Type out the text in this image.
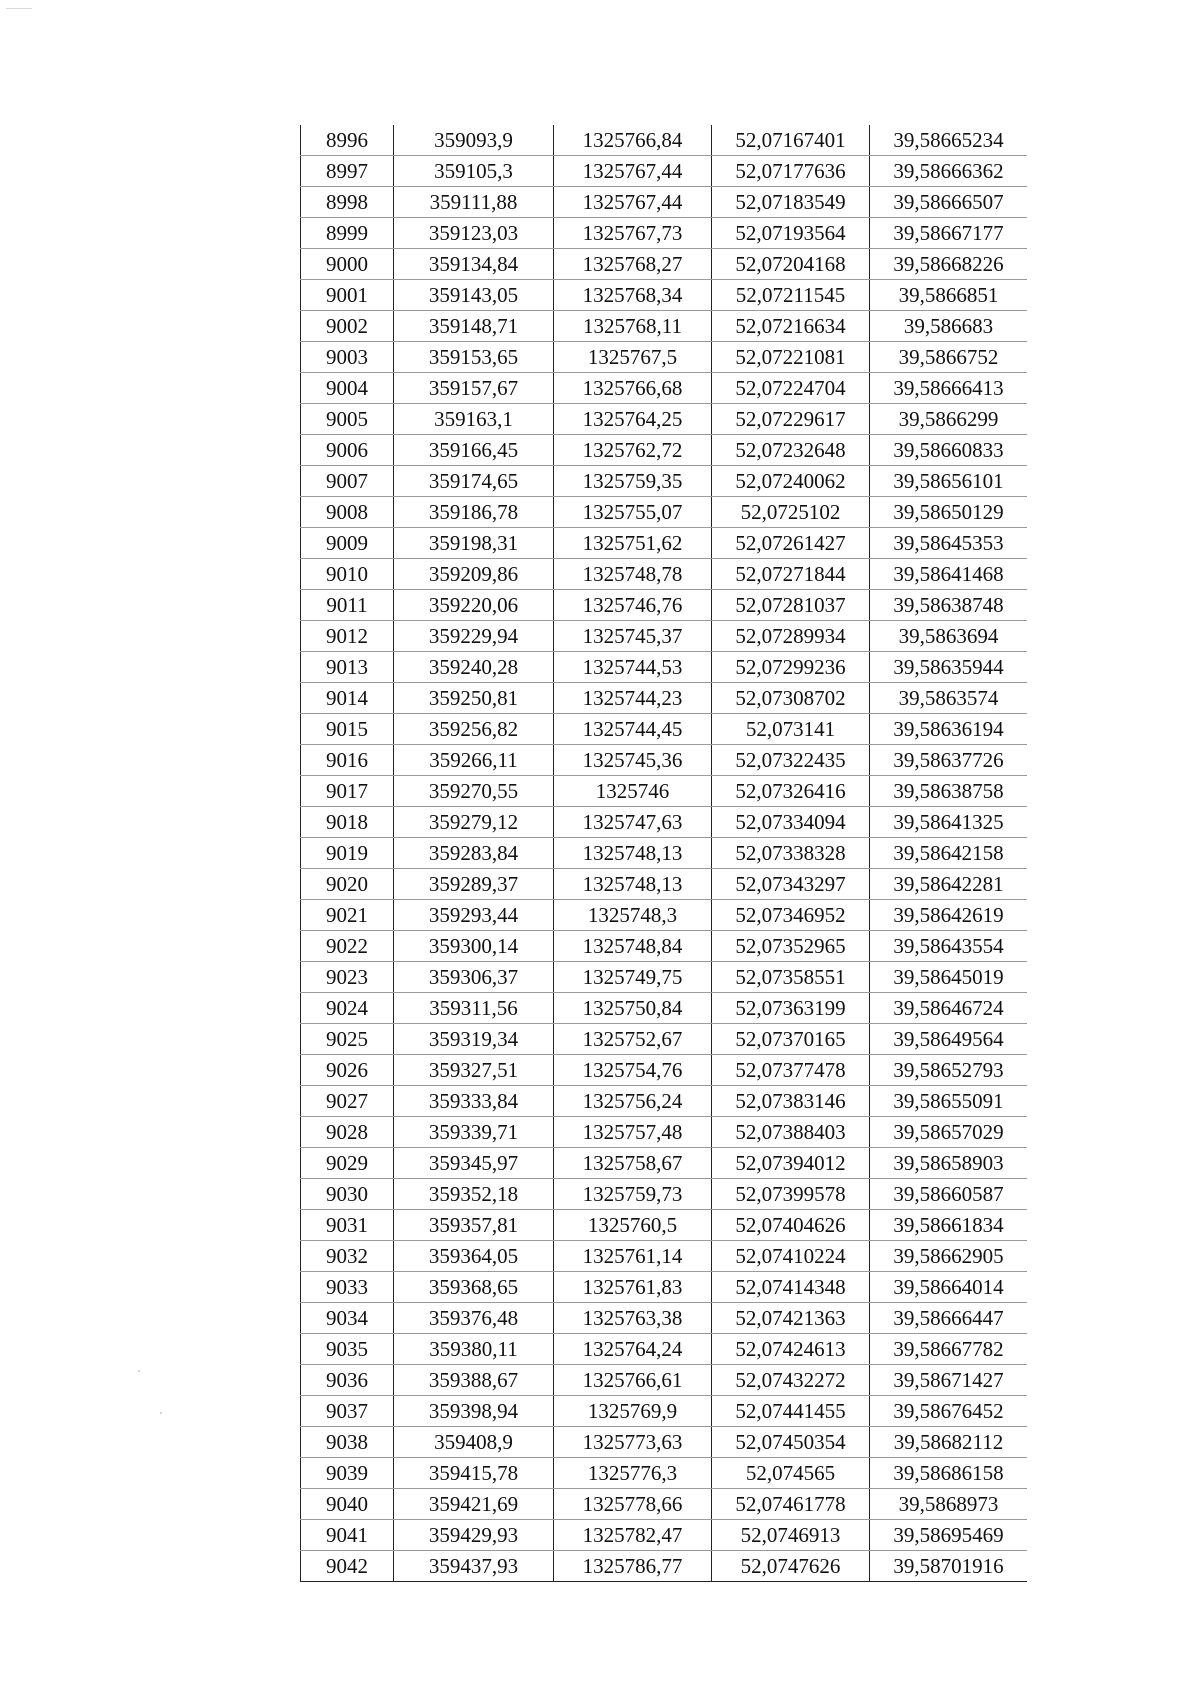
8996	359093,9	1325766,84	52,07167401	39,58665234
8997	359105,3	1325767,44	52,07177636	39,58666362
8998	359111,88	1325767,44	52,07183549	39,58666507
8999	359123,03	1325767,73	52,07193564	39,58667177
9000	359134,84	1325768,27	52,07204168	39,58668226
9001	359143,05	1325768,34	52,07211545	39,5866851
9002	359148,71	1325768,11	52,07216634	39,586683
9003	359153,65	1325767,5	52,07221081	39,5866752
9004	359157,67	1325766,68	52,07224704	39,58666413
9005	359163,1	1325764,25	52,07229617	39,5866299
9006	359166,45	1325762,72	52,07232648	39,58660833
9007	359174,65	1325759,35	52,07240062	39,58656101
9008	359186,78	1325755,07	52,0725102	39,58650129
9009	359198,31	1325751,62	52,07261427	39,58645353
9010	359209,86	1325748,78	52,07271844	39,58641468
9011	359220,06	1325746,76	52,07281037	39,58638748
9012	359229,94	1325745,37	52,07289934	39,5863694
9013	359240,28	1325744,53	52,07299236	39,58635944
9014	359250,81	1325744,23	52,07308702	39,5863574
9015	359256,82	1325744,45	52,073141	39,58636194
9016	359266,11	1325745,36	52,07322435	39,58637726
9017	359270,55	1325746	52,07326416	39,58638758
9018	359279,12	1325747,63	52,07334094	39,58641325
9019	359283,84	1325748,13	52,07338328	39,58642158
9020	359289,37	1325748,13	52,07343297	39,58642281
9021	359293,44	1325748,3	52,07346952	39,58642619
9022	359300,14	1325748,84	52,07352965	39,58643554
9023	359306,37	1325749,75	52,07358551	39,58645019
9024	359311,56	1325750,84	52,07363199	39,58646724
9025	359319,34	1325752,67	52,07370165	39,58649564
9026	359327,51	1325754,76	52,07377478	39,58652793
9027	359333,84	1325756,24	52,07383146	39,58655091
9028	359339,71	1325757,48	52,07388403	39,58657029
9029	359345,97	1325758,67	52,07394012	39,58658903
9030	359352,18	1325759,73	52,07399578	39,58660587
9031	359357,81	1325760,5	52,07404626	39,58661834
9032	359364,05	1325761,14	52,07410224	39,58662905
9033	359368,65	1325761,83	52,07414348	39,58664014
9034	359376,48	1325763,38	52,07421363	39,58666447
9035	359380,11	1325764,24	52,07424613	39,58667782
9036	359388,67	1325766,61	52,07432272	39,58671427
9037	359398,94	1325769,9	52,07441455	39,58676452
9038	359408,9	1325773,63	52,07450354	39,58682112
9039	359415,78	1325776,3	52,074565	39,58686158
9040	359421,69	1325778,66	52,07461778	39,5868973
9041	359429,93	1325782,47	52,0746913	39,58695469
9042	359437,93	1325786,77	52,0747626	39,58701916
